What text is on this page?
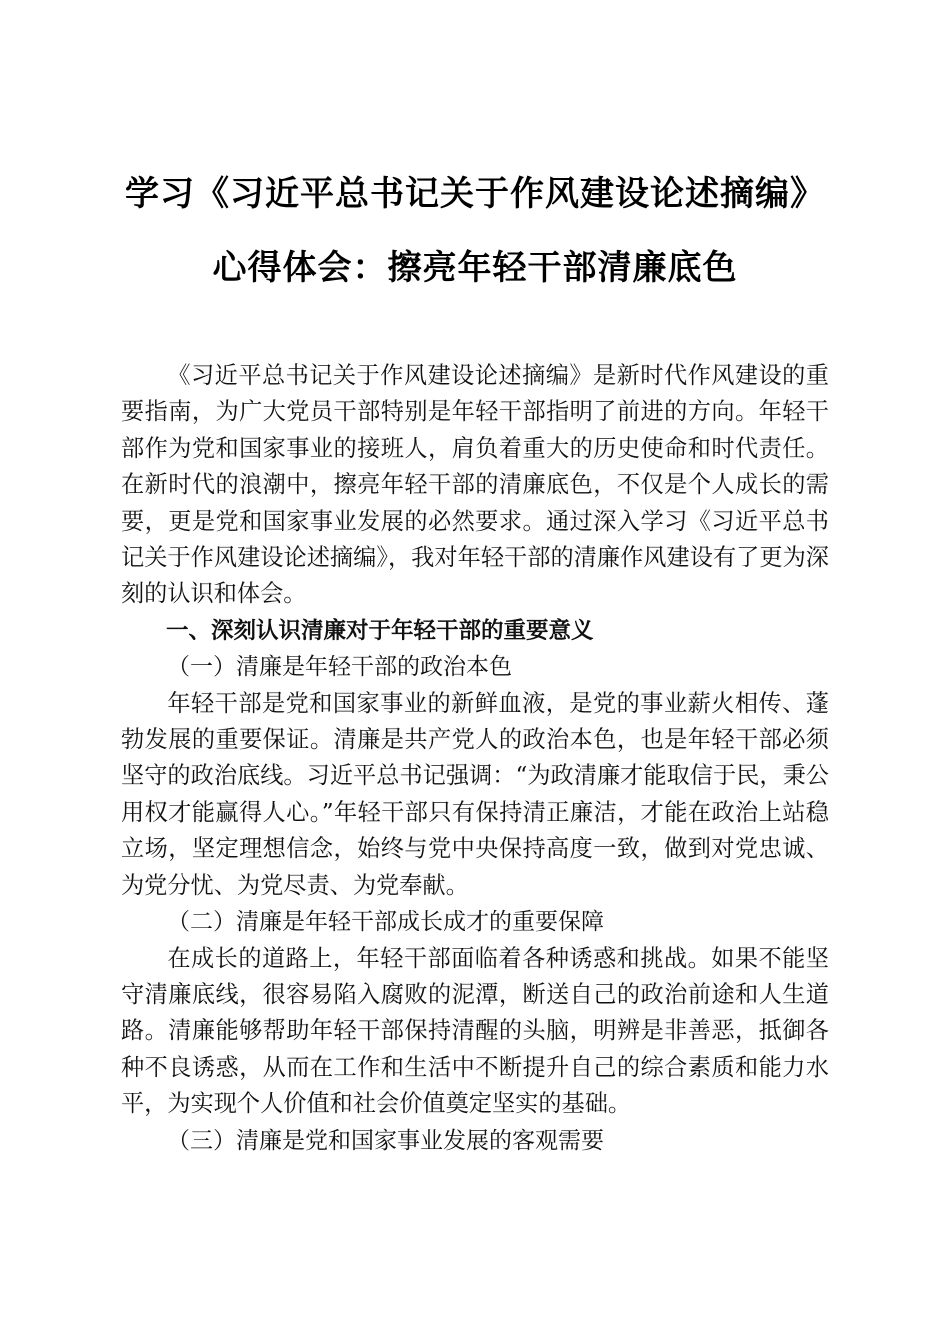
学习《习近平总书记关于作风建设论述摘编》
心得体会：擦亮年轻干部清廉底色

《习近平总书记关于作风建设论述摘编》是新时代作风建设的重要指南，为广大党员干部特别是年轻干部指明了前进的方向。年轻干部作为党和国家事业的接班人，肩负着重大的历史使命和时代责任。在新时代的浪潮中，擦亮年轻干部的清廉底色，不仅是个人成长的需要，更是党和国家事业发展的必然要求。通过深入学习《习近平总书记关于作风建设论述摘编》，我对年轻干部的清廉作风建设有了更为深刻的认识和体会。

一、深刻认识清廉对于年轻干部的重要意义

（一）清廉是年轻干部的政治本色

年轻干部是党和国家事业的新鲜血液，是党的事业薪火相传、蓬勃发展的重要保证。清廉是共产党人的政治本色，也是年轻干部必须坚守的政治底线。习近平总书记强调：“为政清廉才能取信于民，秉公用权才能赢得人心。”年轻干部只有保持清正廉洁，才能在政治上站稳立场，坚定理想信念，始终与党中央保持高度一致，做到对党忠诚、为党分忧、为党尽责、为党奉献。

（二）清廉是年轻干部成长成才的重要保障

在成长的道路上，年轻干部面临着各种诱惑和挑战。如果不能坚守清廉底线，很容易陷入腐败的泥潭，断送自己的政治前途和人生道路。清廉能够帮助年轻干部保持清醒的头脑，明辨是非善恶，抵御各种不良诱惑，从而在工作和生活中不断提升自己的综合素质和能力水平，为实现个人价值和社会价值奠定坚实的基础。

（三）清廉是党和国家事业发展的客观需要
